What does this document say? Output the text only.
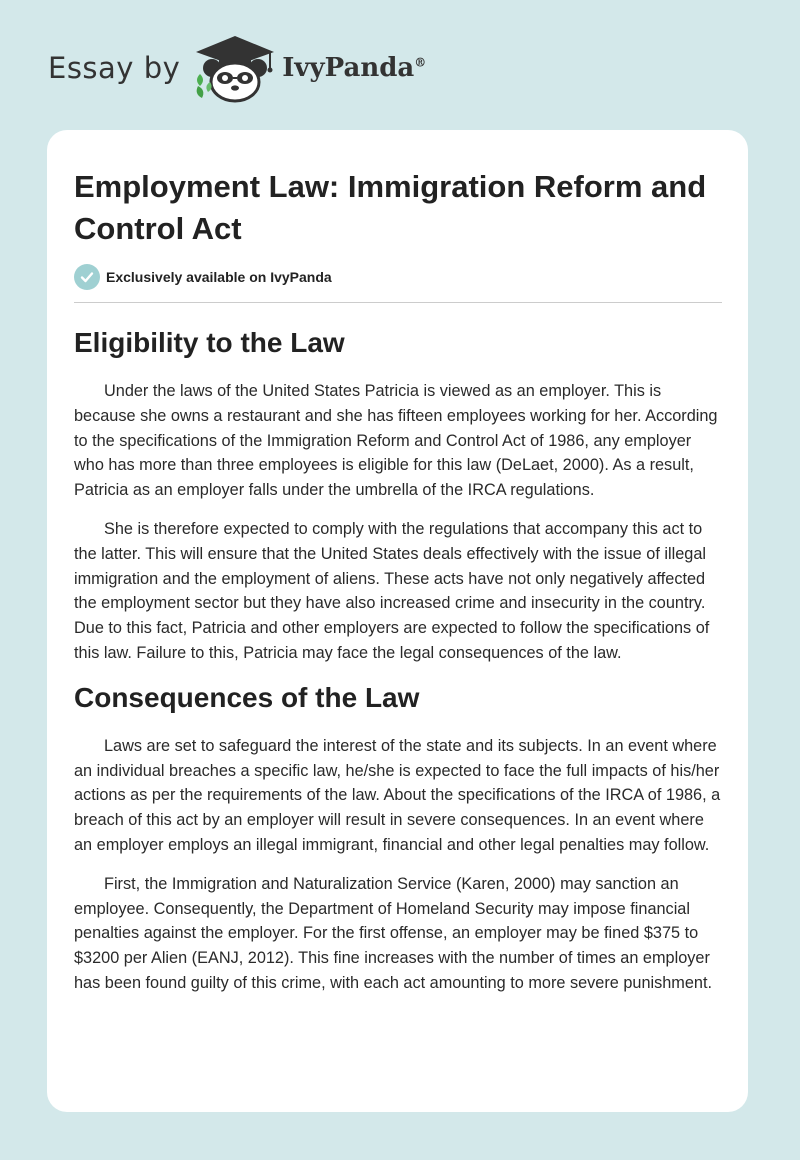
Essay by	IvyPanda®
Employment Law: Immigration Reform and Control Act
Exclusively available on IvyPanda
Eligibility to the Law

Under the laws of the United States Patricia is viewed as an employer. This is because she owns a restaurant and she has fifteen employees working for her. According to the specifications of the Immigration Reform and Control Act of 1986, any employer who has more than three employees is eligible for this law (DeLaet, 2000). As a result, Patricia as an employer falls under the umbrella of the IRCA regulations.

She is therefore expected to comply with the regulations that accompany this act to the latter. This will ensure that the United States deals effectively with the issue of illegal immigration and the employment of aliens. These acts have not only negatively affected the employment sector but they have also increased crime and insecurity in the country. Due to this fact, Patricia and other employers are expected to follow the specifications of this law. Failure to this, Patricia may face the legal consequences of the law.

Consequences of the Law

Laws are set to safeguard the interest of the state and its subjects. In an event where an individual breaches a specific law, he/she is expected to face the full impacts of his/her actions as per the requirements of the law. About the specifications of the IRCA of 1986, a breach of this act by an employer will result in severe consequences. In an event where an employer employs an illegal immigrant, financial and other legal penalties may follow.

First, the Immigration and Naturalization Service (Karen, 2000) may sanction an employee. Consequently, the Department of Homeland Security may impose financial penalties against the employer. For the first offense, an employer may be fined $375 to $3200 per Alien (EANJ, 2012). This fine increases with the number of times an employer has been found guilty of this crime, with each act amounting to more severe punishment.
